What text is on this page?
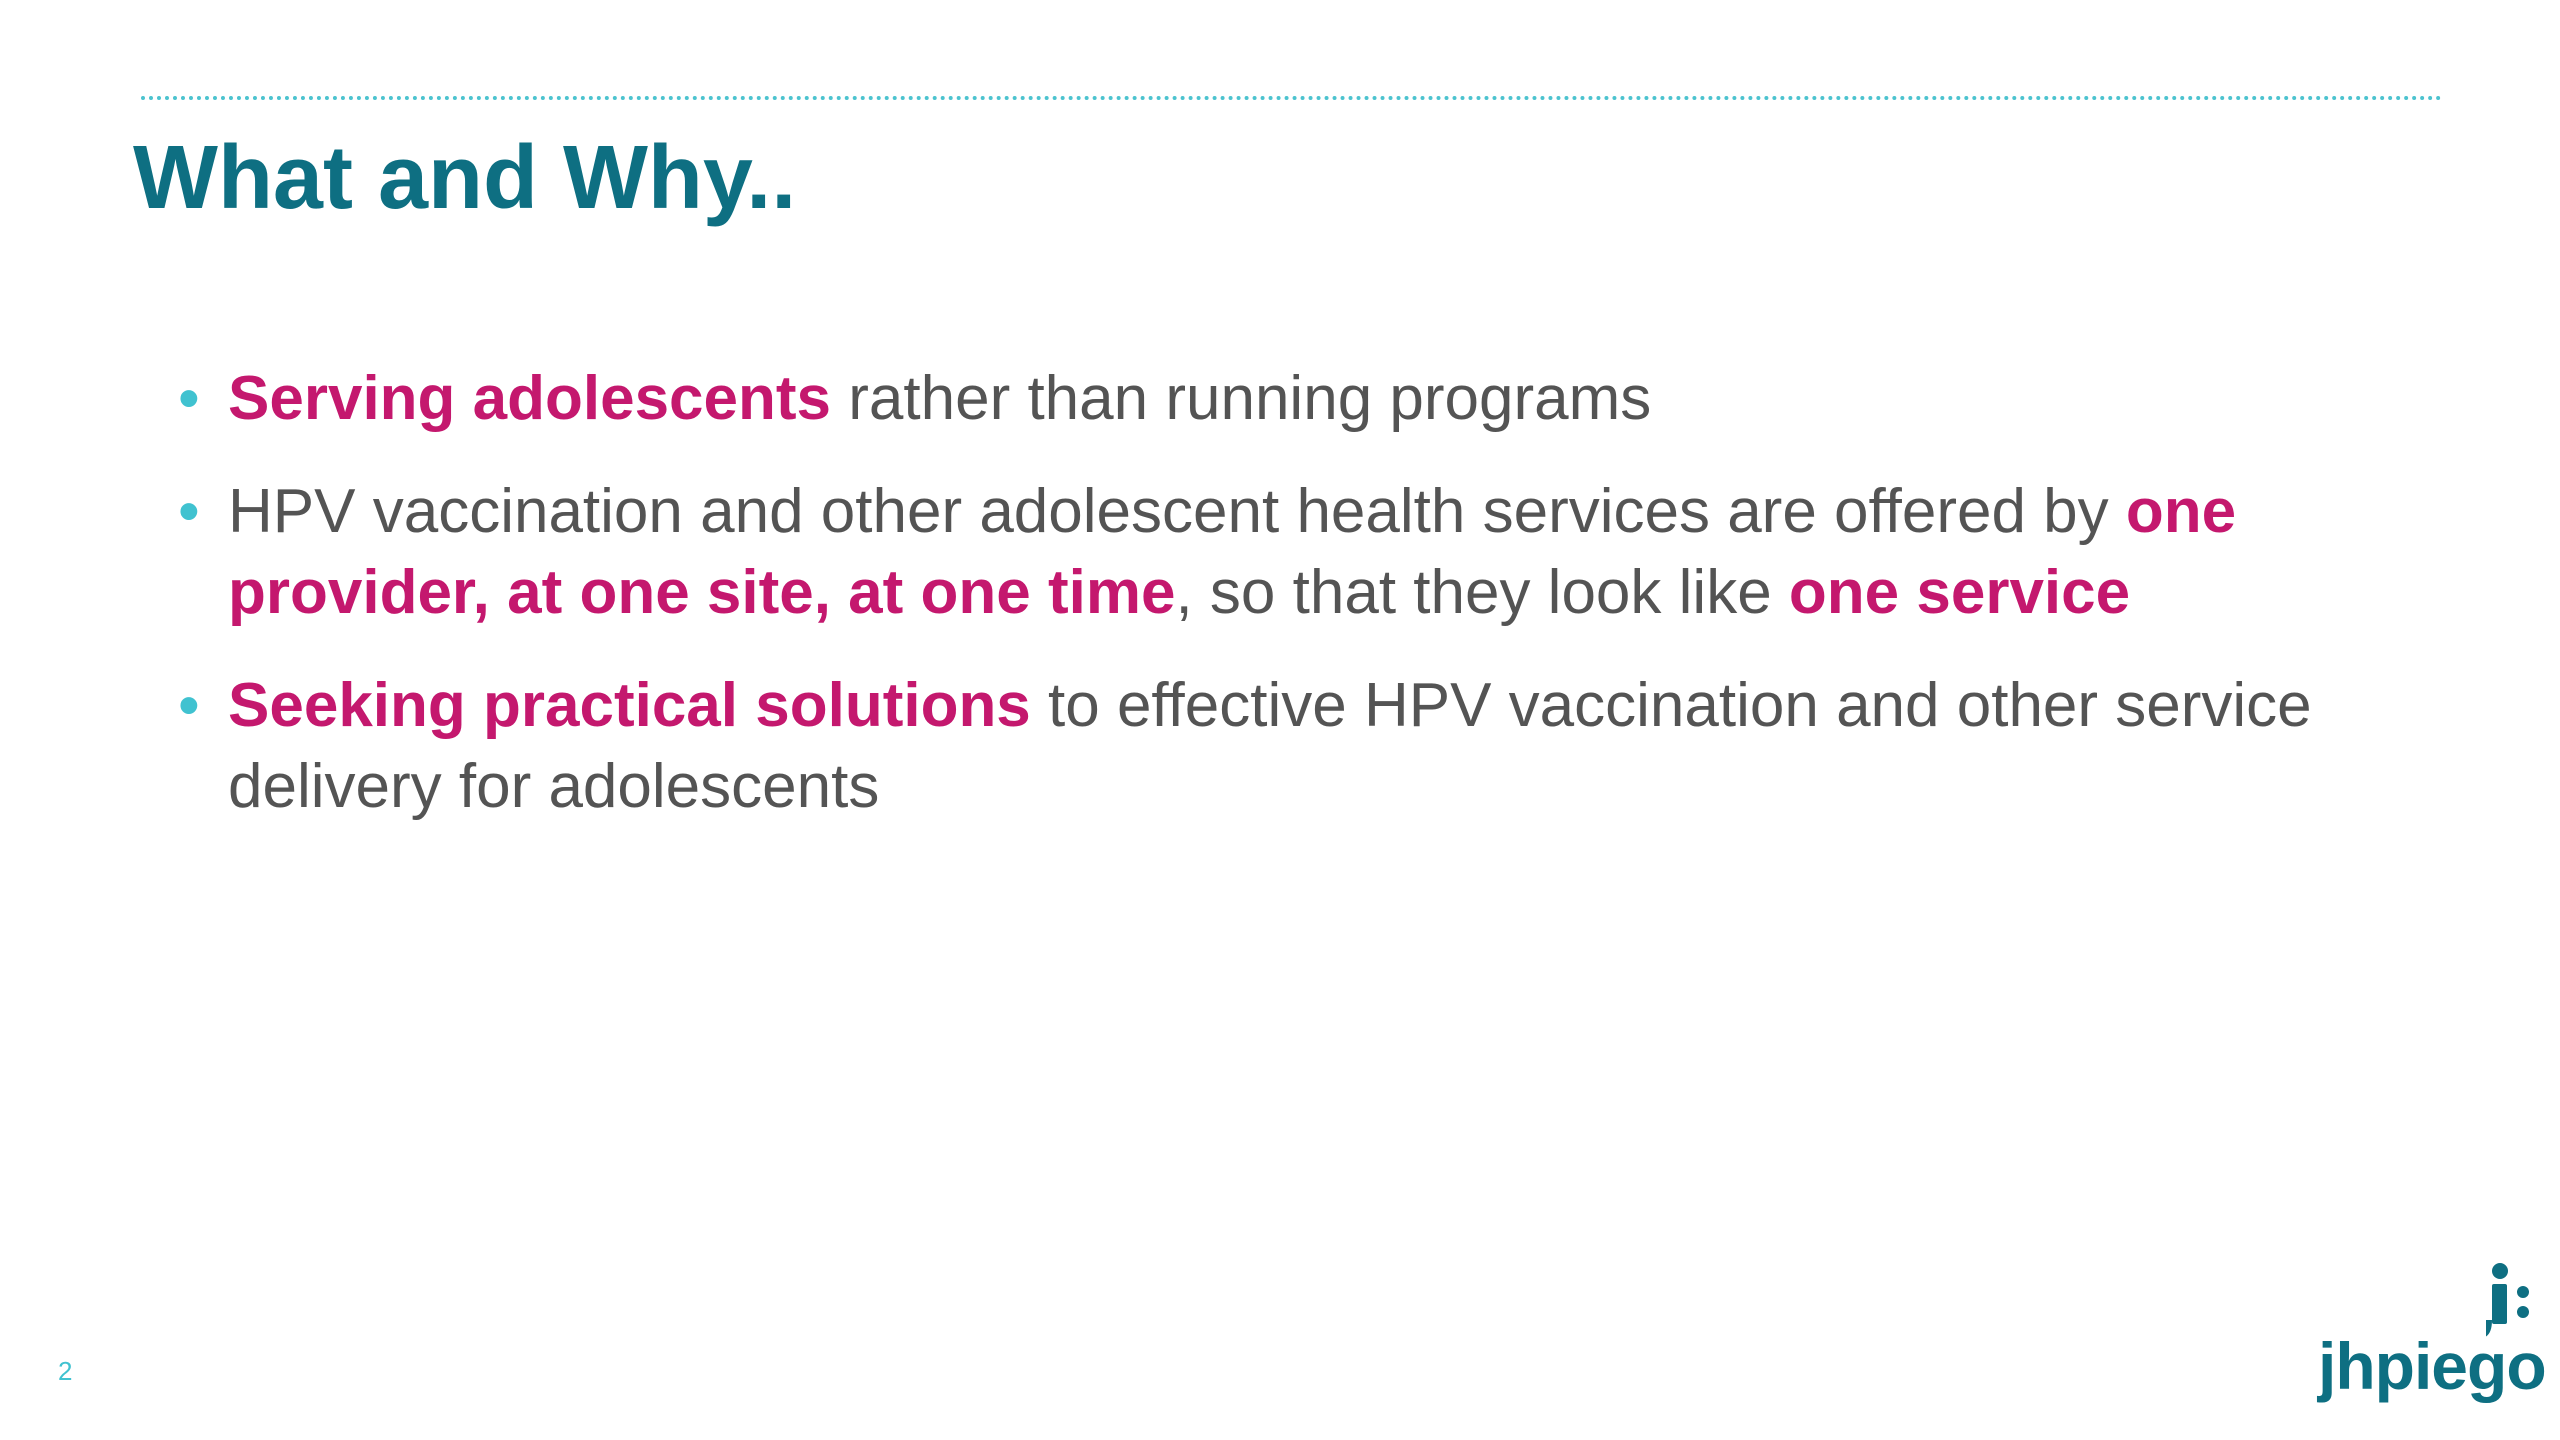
What and Why..
• Serving adolescents rather than running programs
• HPV vaccination and other adolescent health services are offered by one provider, at one site, at one time, so that they look like one service
• Seeking practical solutions to effective HPV vaccination and other service delivery for adolescents
2	jhpiego
